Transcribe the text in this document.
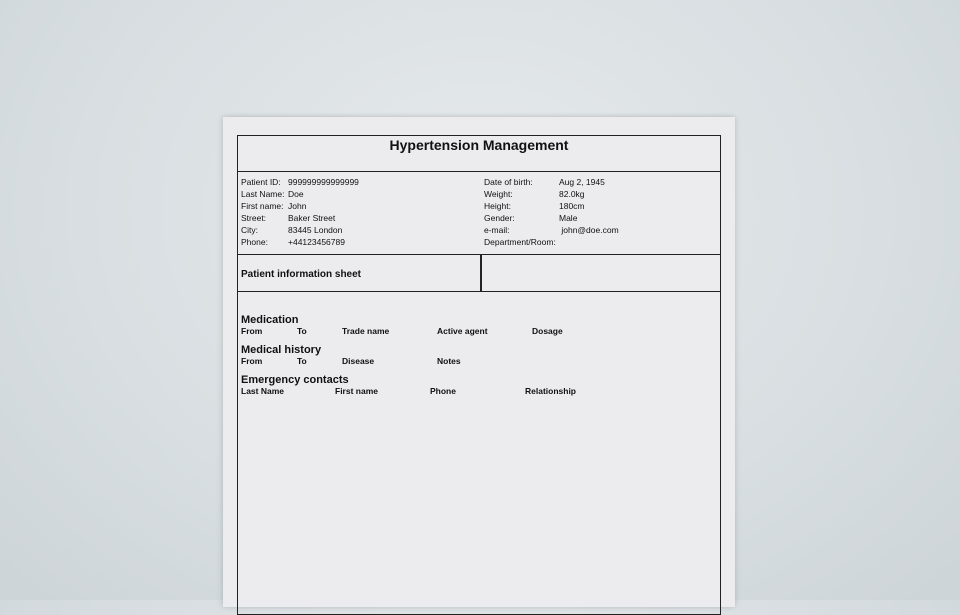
Hypertension Management
Patient ID: 999999999999999
Last Name: Doe
First name: John
Street:	Baker Street
City:	83445 London
Phone:	+44123456789
Date of birth:	Aug 2, 1945
Weight:	82.0kg
Height:	180cm
Gender:	Male
e-mail:	john@doe.com
Department/Room:
Patient information sheet
Medication
From	To	Trade name	Active agent	Dosage
Medical history
From	To	Disease	Notes
Emergency contacts
Last Name	First name	Phone	Relationship
